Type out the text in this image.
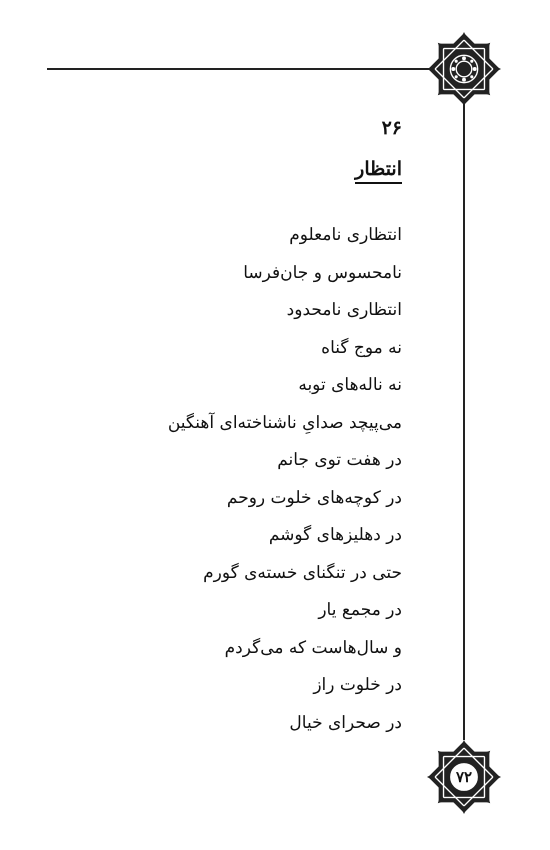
۷۲
۲۶
انتظار
انتظاری نامعلوم
نامحسوس و جان‌فرسا
انتظاری نامحدود
نه موج گناه
نه ناله‌های توبه
می‌پیچد صدایِ ناشناخته‌ای آهنگین
در هفت توی جانم
در کوچه‌های خلوت روحم
در دهلیزهای گوشم
حتی در تنگنای خسته‌ی گورم
در مجمع یار
و سال‌هاست که می‌گردم
در خلوت راز
در صحرای خیال
